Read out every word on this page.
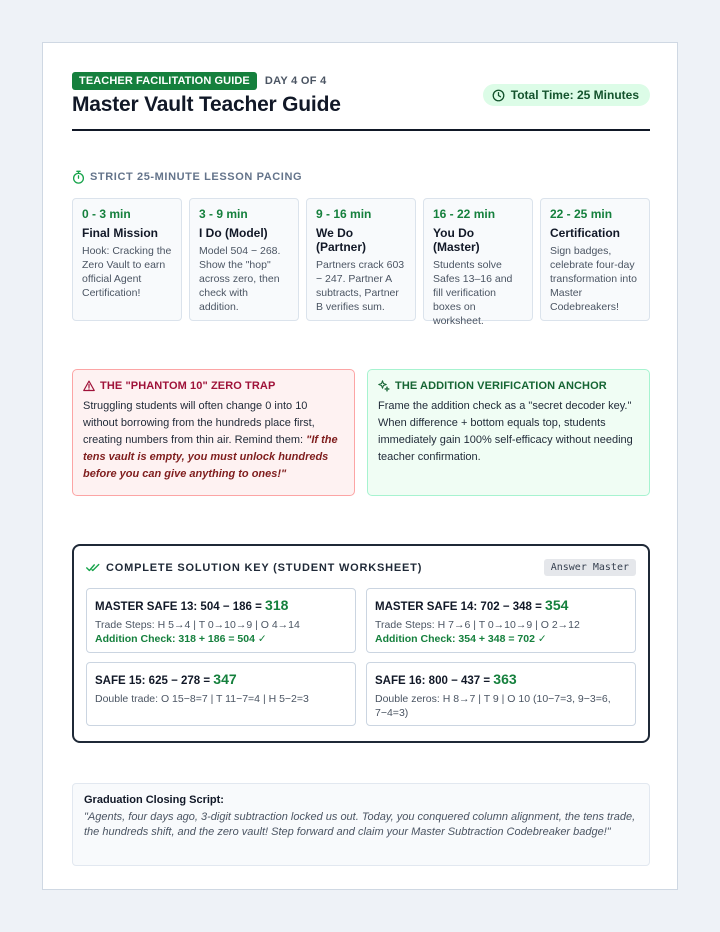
TEACHER FACILITATION GUIDE	DAY 4 OF 4
Master Vault Teacher Guide	Total Time: 25 Minutes
STRICT 25-MINUTE LESSON PACING
0 - 3 min
Final Mission
Hook: Cracking the Zero Vault to earn official Agent Certification!
3 - 9 min
I Do (Model)
Model 504 − 268. Show the "hop" across zero, then check with addition.
9 - 16 min
We Do (Partner)
Partners crack 603 − 247. Partner A subtracts, Partner B verifies sum.
16 - 22 min
You Do (Master)
Students solve Safes 13–16 and fill verification boxes on worksheet.
22 - 25 min
Certification
Sign badges, celebrate four-day transformation into Master Codebreakers!
THE "PHANTOM 10" ZERO TRAP
Struggling students will often change 0 into 10 without borrowing from the hundreds place first, creating numbers from thin air. Remind them: "If the tens vault is empty, you must unlock hundreds before you can give anything to ones!"
THE ADDITION VERIFICATION ANCHOR
Frame the addition check as a "secret decoder key." When difference + bottom equals top, students immediately gain 100% self-efficacy without needing teacher confirmation.
COMPLETE SOLUTION KEY (STUDENT WORKSHEET)	Answer Master
MASTER SAFE 13: 504 − 186 = 318
Trade Steps: H 5→4 | T 0→10→9 | O 4→14
Addition Check: 318 + 186 = 504 ✓
MASTER SAFE 14: 702 − 348 = 354
Trade Steps: H 7→6 | T 0→10→9 | O 2→12
Addition Check: 354 + 348 = 702 ✓
SAFE 15: 625 − 278 = 347
Double trade: O 15−8=7 | T 11−7=4 | H 5−2=3
SAFE 16: 800 − 437 = 363
Double zeros: H 8→7 | T 9 | O 10 (10−7=3, 9−3=6, 7−4=3)
Graduation Closing Script:
"Agents, four days ago, 3-digit subtraction locked us out. Today, you conquered column alignment, the tens trade, the hundreds shift, and the zero vault! Step forward and claim your Master Subtraction Codebreaker badge!"
